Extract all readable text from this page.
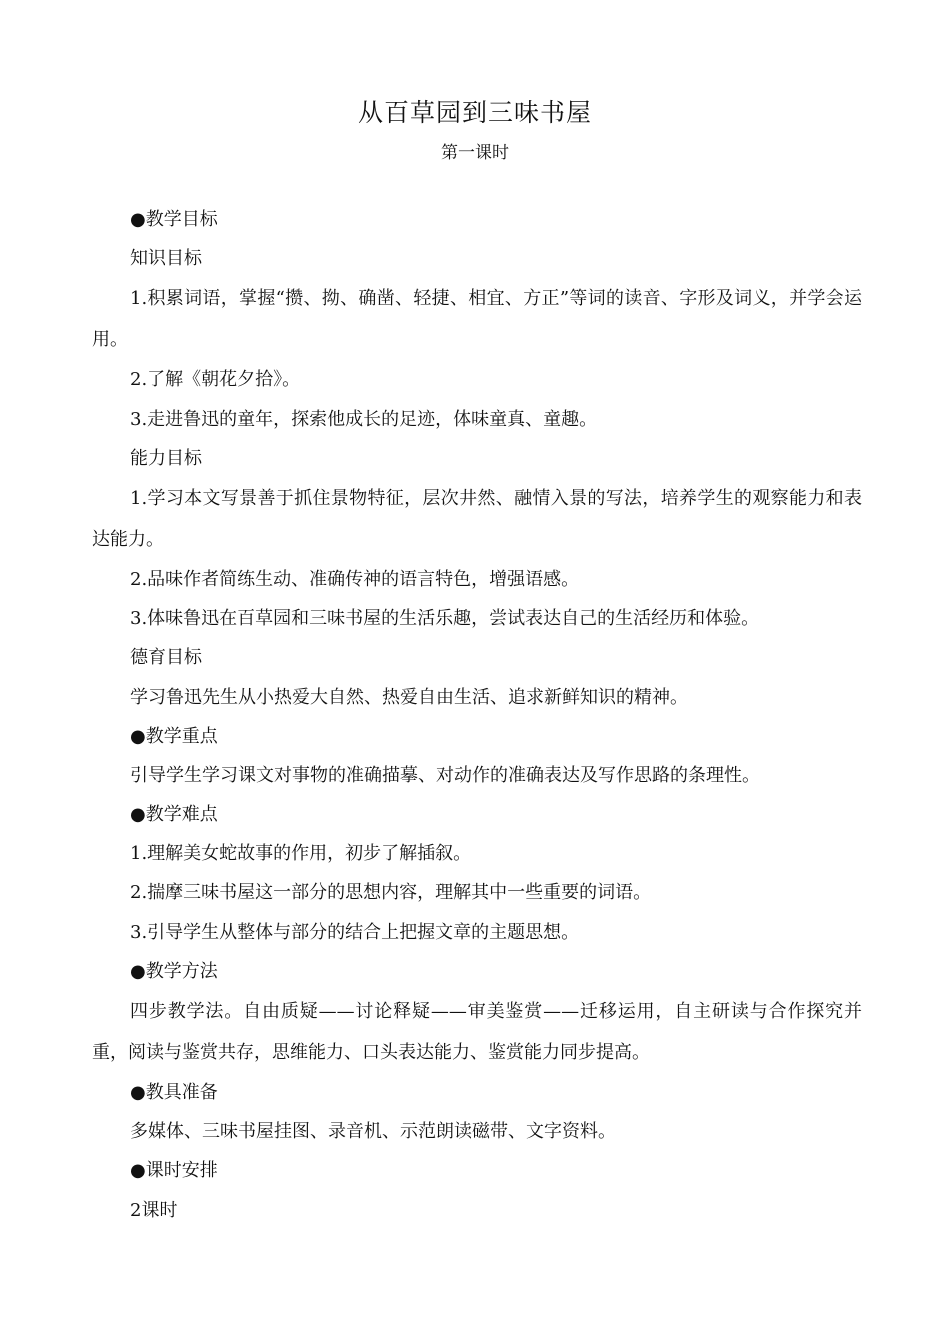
从百草园到三味书屋
第一课时

●教学目标

知识目标

1.积累词语，掌握“攒、拗、确凿、轻捷、相宜、方正”等词的读音、字形及词义，并学会运用。

2.了解《朝花夕拾》。

3.走进鲁迅的童年，探索他成长的足迹，体味童真、童趣。

能力目标

1.学习本文写景善于抓住景物特征，层次井然、融情入景的写法，培养学生的观察能力和表达能力。

2.品味作者简练生动、准确传神的语言特色，增强语感。

3.体味鲁迅在百草园和三味书屋的生活乐趣，尝试表达自己的生活经历和体验。

德育目标

学习鲁迅先生从小热爱大自然、热爱自由生活、追求新鲜知识的精神。

●教学重点

引导学生学习课文对事物的准确描摹、对动作的准确表达及写作思路的条理性。

●教学难点

1.理解美女蛇故事的作用，初步了解插叙。

2.揣摩三味书屋这一部分的思想内容，理解其中一些重要的词语。

3.引导学生从整体与部分的结合上把握文章的主题思想。

●教学方法

四步教学法。自由质疑——讨论释疑——审美鉴赏——迁移运用，自主研读与合作探究并重，阅读与鉴赏共存，思维能力、口头表达能力、鉴赏能力同步提高。

●教具准备

多媒体、三味书屋挂图、录音机、示范朗读磁带、文字资料。

●课时安排

2课时
